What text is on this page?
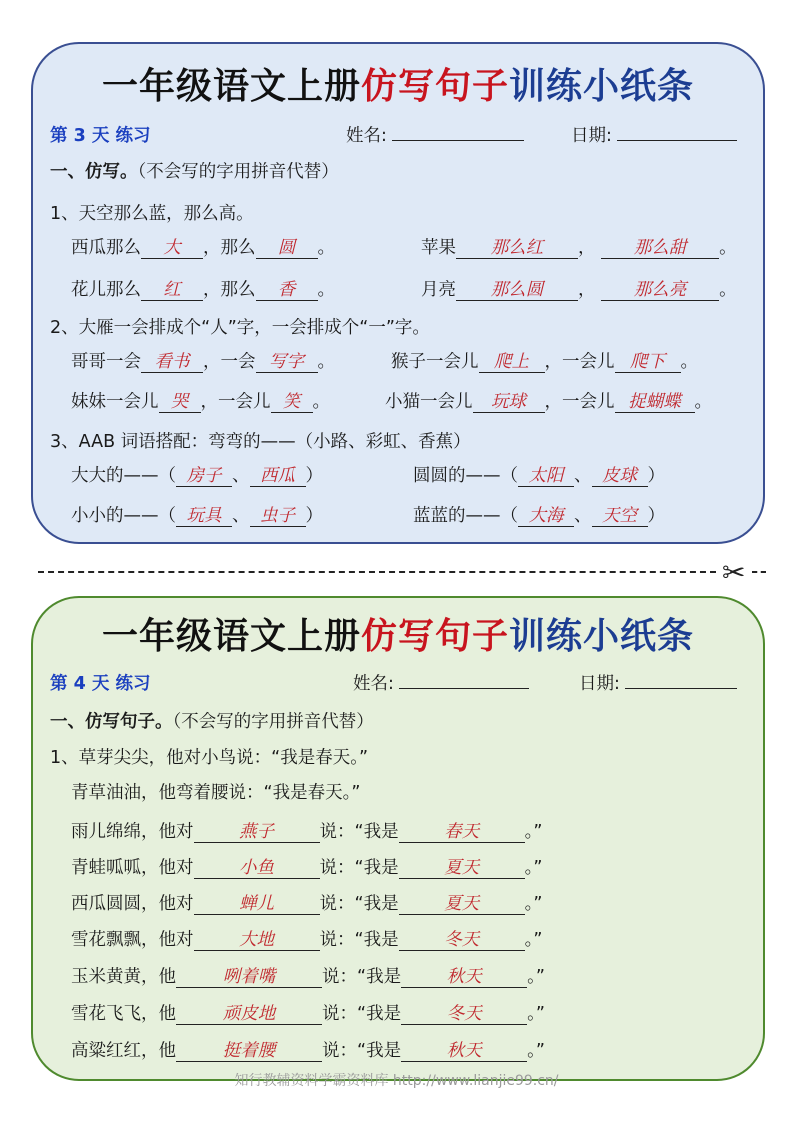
一年级语文上册仿写句子训练小纸条
第 3 天 练习	姓名:	日期:
一、仿写。（不会写的字用拼音代替）
1、天空那么蓝，那么高。
西瓜那么 大 ，那么 圆 。	苹果 那么红 ， 那么甜 。
花儿那么 红 ，那么 香 。	月亮 那么圆 ， 那么亮 。
2、大雁一会排成个“人”字，一会排成个“一”字。
哥哥一会 看书 ，一会 写字 。	猴子一会儿 爬上 ，一会儿 爬下 。
妹妹一会儿 哭 ，一会儿 笑 。	小猫一会儿 玩球 ，一会儿 捉蝴蝶 。
3、AAB 词语搭配：弯弯的——（小路、彩虹、香蕉）
大大的——（ 房子 、 西瓜 ）	圆圆的——（ 太阳 、 皮球 ）
小小的——（ 玩具 、 虫子 ）	蓝蓝的——（ 大海 、 天空 ）
✂
一年级语文上册仿写句子训练小纸条
第 4 天 练习	姓名:	日期:
一、仿写句子。（不会写的字用拼音代替）
1、草芽尖尖，他对小鸟说：“我是春天。”
青草油油，他弯着腰说：“我是春天。”
雨儿绵绵，他对	燕子	说：“我是	春天	。”
青蛙呱呱，他对	小鱼	说：“我是	夏天	。”
西瓜圆圆，他对	蝉儿	说：“我是	夏天	。”
雪花飘飘，他对	大地	说：“我是	冬天	。”
玉米黄黄，他	咧着嘴	说：“我是	秋天	。”
雪花飞飞，他	顽皮地	说：“我是	冬天	。”
高粱红红，他	挺着腰	说：“我是	秋天	。”
知行教辅资料学霸资料库 http://www.lianjie99.cn/
